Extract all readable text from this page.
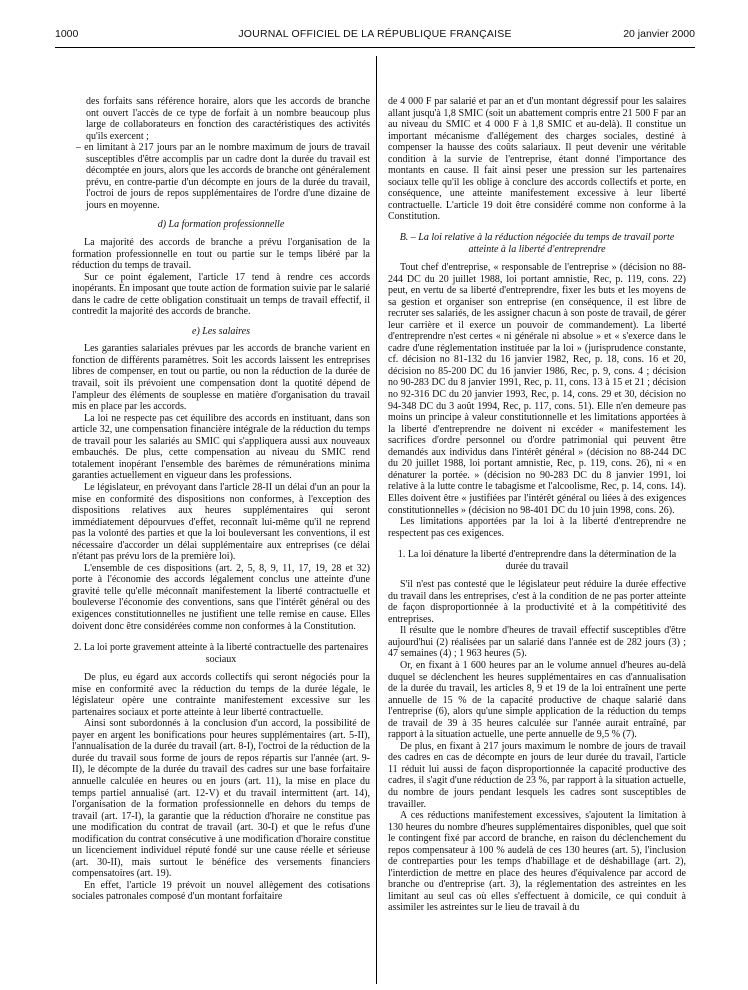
1000	JOURNAL OFFICIEL DE LA RÉPUBLIQUE FRANÇAISE	20 janvier 2000

des forfaits sans référence horaire, alors que les accords de branche ont ouvert l'accès de ce type de forfait à un nombre beaucoup plus large de collaborateurs en fonction des caractéristiques des activités qu'ils exercent ;

– en limitant à 217 jours par an le nombre maximum de jours de travail susceptibles d'être accomplis par un cadre dont la durée du travail est décomptée en jours, alors que les accords de branche ont généralement prévu, en contre-partie d'un décompte en jours de la durée du travail, l'octroi de jours de repos supplémentaires de l'ordre d'une dizaine de jours en moyenne.

d) La formation professionnelle

La majorité des accords de branche a prévu l'organisation de la formation professionnelle en tout ou partie sur le temps libéré par la réduction du temps de travail.

Sur ce point également, l'article 17 tend à rendre ces accords inopérants. En imposant que toute action de formation suivie par le salarié dans le cadre de cette obligation constituait un temps de travail effectif, il contredit la majorité des accords de branche.

e) Les salaires

Les garanties salariales prévues par les accords de branche varient en fonction de différents paramètres. Soit les accords laissent les entreprises libres de compenser, en tout ou partie, ou non la réduction de la durée de travail, soit ils prévoient une compensation dont la quotité dépend de l'ampleur des éléments de souplesse en matière d'organisation du travail mis en place par les accords.

La loi ne respecte pas cet équilibre des accords en instituant, dans son article 32, une compensation financière intégrale de la réduction du temps de travail pour les salariés au SMIC qui s'appliquera aussi aux nouveaux embauchés. De plus, cette compensation au niveau du SMIC rend totalement inopérant l'ensemble des barèmes de rémunérations minima garanties actuellement en vigueur dans les professions.

Le législateur, en prévoyant dans l'article 28-II un délai d'un an pour la mise en conformité des dispositions non conformes, à l'exception des dispositions relatives aux heures supplémentaires qui seront immédiatement dépourvues d'effet, reconnaît lui-même qu'il ne reprend pas la volonté des parties et que la loi bouleversant les conventions, il est nécessaire d'accorder un délai supplémentaire aux entreprises (ce délai n'étant pas prévu lors de la première loi).

L'ensemble de ces dispositions (art. 2, 5, 8, 9, 11, 17, 19, 28 et 32) porte à l'économie des accords légalement conclus une atteinte d'une gravité telle qu'elle méconnaît manifestement la liberté contractuelle et bouleverse l'économie des conventions, sans que l'intérêt général ou des exigences constitutionnelles ne justifient une telle remise en cause. Elles doivent donc être considérées comme non conformes à la Constitution.

2. La loi porte gravement atteinte à la liberté contractuelle des partenaires sociaux

De plus, eu égard aux accords collectifs qui seront négociés pour la mise en conformité avec la réduction du temps de la durée légale, le législateur opère une contrainte manifestement excessive sur les partenaires sociaux et porte atteinte à leur liberté contractuelle.

Ainsi sont subordonnés à la conclusion d'un accord, la possibilité de payer en argent les bonifications pour heures supplémentaires (art. 5-II), l'annualisation de la durée du travail (art. 8-I), l'octroi de la réduction de la durée du travail sous forme de jours de repos répartis sur l'année (art. 9-II), le décompte de la durée du travail des cadres sur une base forfaitaire annuelle calculée en heures ou en jours (art. 11), la mise en place du temps partiel annualisé (art. 12-V) et du travail intermittent (art. 14), l'organisation de la formation professionnelle en dehors du temps de travail (art. 17-I), la garantie que la réduction d'horaire ne constitue pas une modification du contrat de travail (art. 30-I) et que le refus d'une modification du contrat consécutive à une modification d'horaire constitue un licenciement individuel réputé fondé sur une cause réelle et sérieuse (art. 30-II), mais surtout le bénéfice des versements financiers compensatoires (art. 19).

En effet, l'article 19 prévoit un nouvel allègement des cotisations sociales patronales composé d'un montant forfaitaire

de 4 000 F par salarié et par an et d'un montant dégressif pour les salaires allant jusqu'à 1,8 SMIC (soit un abattement compris entre 21 500 F par an au niveau du SMIC et 4 000 F à 1,8 SMIC et au-delà). Il constitue un important mécanisme d'allégement des charges sociales, destiné à compenser la hausse des coûts salariaux. Il peut devenir une véritable condition à la survie de l'entreprise, étant donné l'importance des montants en cause. Il fait ainsi peser une pression sur les partenaires sociaux telle qu'il les oblige à conclure des accords collectifs et porte, en conséquence, une atteinte manifestement excessive à leur liberté contractuelle. L'article 19 doit être considéré comme non conforme à la Constitution.

B. – La loi relative à la réduction négociée du temps de travail porte atteinte à la liberté d'entreprendre

Tout chef d'entreprise, « responsable de l'entreprise » (décision no 88-244 DC du 20 juillet 1988, loi portant amnistie, Rec, p. 119, cons. 22) peut, en vertu de sa liberté d'entreprendre, fixer les buts et les moyens de sa gestion et organiser son entreprise (en conséquence, il est libre de recruter ses salariés, de les assigner chacun à son poste de travail, de gérer leur carrière et il exerce un pouvoir de commandement). La liberté d'entreprendre n'est certes « ni générale ni absolue » et « s'exerce dans le cadre d'une réglementation instituée par la loi » (jurisprudence constante, cf. décision no 81-132 du 16 janvier 1982, Rec, p. 18, cons. 16 et 20, décision no 85-200 DC du 16 janvier 1986, Rec, p. 9, cons. 4 ; décision no 90-283 DC du 8 janvier 1991, Rec, p. 11, cons. 13 à 15 et 21 ; décision no 92-316 DC du 20 janvier 1993, Rec, p. 14, cons. 29 et 30, décision no 94-348 DC du 3 août 1994, Rec, p. 117, cons. 51). Elle n'en demeure pas moins un principe à valeur constitutionnelle et les limitations apportées à la liberté d'entreprendre ne doivent ni excéder « manifestement les sacrifices d'ordre personnel ou d'ordre patrimonial qui peuvent être demandés aux individus dans l'intérêt général » (décision no 88-244 DC du 20 juillet 1988, loi portant amnistie, Rec, p. 119, cons. 26), ni « en dénaturer la portée. » (décision no 90-283 DC du 8 janvier 1991, loi relative à la lutte contre le tabagisme et l'alcoolisme, Rec, p. 14, cons. 14). Elles doivent être « justifiées par l'intérêt général ou liées à des exigences constitutionnelles » (décision no 98-401 DC du 10 juin 1998, cons. 26).

Les limitations apportées par la loi à la liberté d'entreprendre ne respectent pas ces exigences.

1. La loi dénature la liberté d'entreprendre dans la détermination de la durée du travail

S'il n'est pas contesté que le législateur peut réduire la durée effective du travail dans les entreprises, c'est à la condition de ne pas porter atteinte de façon disproportionnée à la productivité et à la compétitivité des entreprises.

Il résulte que le nombre d'heures de travail effectif susceptibles d'être aujourd'hui (2) réalisées par un salarié dans l'année est de 282 jours (3) ; 47 semaines (4) ; 1 963 heures (5).

Or, en fixant à 1 600 heures par an le volume annuel d'heures au-delà duquel se déclenchent les heures supplémentaires en cas d'annualisation de la durée du travail, les articles 8, 9 et 19 de la loi entraînent une perte annuelle de 15 % de la capacité productive de chaque salarié dans l'entreprise (6), alors qu'une simple application de la réduction du temps de travail de 39 à 35 heures calculée sur l'année aurait entraîné, par rapport à la situation actuelle, une perte annuelle de 9,5 % (7).

De plus, en fixant à 217 jours maximum le nombre de jours de travail des cadres en cas de décompte en jours de leur durée du travail, l'article 11 réduit lui aussi de façon disproportionnée la capacité productive des cadres, il s'agit d'une réduction de 23 %, par rapport à la situation actuelle, du nombre de jours pendant lesquels les cadres sont susceptibles de travailler.

A ces réductions manifestement excessives, s'ajoutent la limitation à 130 heures du nombre d'heures supplémentaires disponibles, quel que soit le contingent fixé par accord de branche, en raison du déclenchement du repos compensateur à 100 % audelà de ces 130 heures (art. 5), l'inclusion de contreparties pour les temps d'habillage et de déshabillage (art. 2), l'interdiction de mettre en place des heures d'équivalence par accord de branche ou d'entreprise (art. 3), la réglementation des astreintes en les limitant au seul cas où elles s'effectuent à domicile, ce qui conduit à assimiler les astreintes sur le lieu de travail à du
